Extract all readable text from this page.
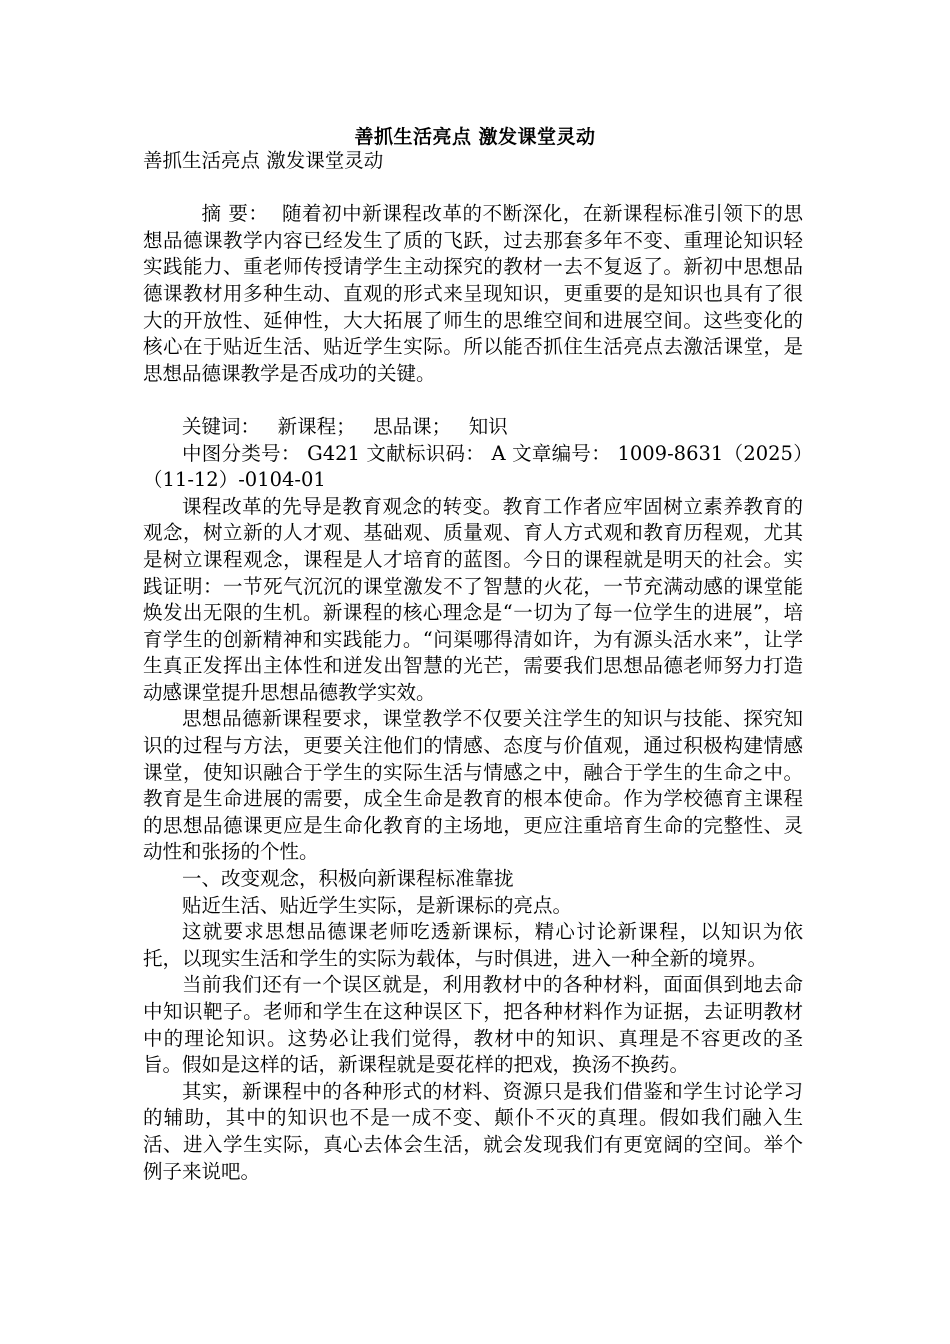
善抓生活亮点 激发课堂灵动

善抓生活亮点 激发课堂灵动

摘 要： 随着初中新课程改革的不断深化，在新课程标准引领下的思想品德课教学内容已经发生了质的飞跃，过去那套多年不变、重理论知识轻实践能力、重老师传授请学生主动探究的教材一去不复返了。新初中思想品德课教材用多种生动、直观的形式来呈现知识，更重要的是知识也具有了很大的开放性、延伸性，大大拓展了师生的思维空间和进展空间。这些变化的核心在于贴近生活、贴近学生实际。所以能否抓住生活亮点去激活课堂，是思想品德课教学是否成功的关键。

关键词： 新课程； 思品课； 知识

中图分类号： G421 文献标识码： A 文章编号： 1009-8631（2025）（11-12）-0104-01

课程改革的先导是教育观念的转变。教育工作者应牢固树立素养教育的观念，树立新的人才观、基础观、质量观、育人方式观和教育历程观，尤其是树立课程观念，课程是人才培育的蓝图。今日的课程就是明天的社会。实践证明：一节死气沉沉的课堂激发不了智慧的火花，一节充满动感的课堂能焕发出无限的生机。新课程的核心理念是“一切为了每一位学生的进展”，培育学生的创新精神和实践能力。“问渠哪得清如许，为有源头活水来”，让学生真正发挥出主体性和迸发出智慧的光芒，需要我们思想品德老师努力打造动感课堂提升思想品德教学实效。

思想品德新课程要求，课堂教学不仅要关注学生的知识与技能、探究知识的过程与方法，更要关注他们的情感、态度与价值观，通过积极构建情感课堂，使知识融合于学生的实际生活与情感之中，融合于学生的生命之中。教育是生命进展的需要，成全生命是教育的根本使命。作为学校德育主课程的思想品德课更应是生命化教育的主场地，更应注重培育生命的完整性、灵动性和张扬的个性。

一、改变观念，积极向新课程标准靠拢

贴近生活、贴近学生实际，是新课标的亮点。

这就要求思想品德课老师吃透新课标，精心讨论新课程，以知识为依托，以现实生活和学生的实际为载体，与时俱进，进入一种全新的境界。

当前我们还有一个误区就是，利用教材中的各种材料，面面俱到地去命中知识靶子。老师和学生在这种误区下，把各种材料作为证据，去证明教材中的理论知识。这势必让我们觉得，教材中的知识、真理是不容更改的圣旨。假如是这样的话，新课程就是耍花样的把戏，换汤不换药。

其实，新课程中的各种形式的材料、资源只是我们借鉴和学生讨论学习的辅助，其中的知识也不是一成不变、颠仆不灭的真理。假如我们融入生活、进入学生实际，真心去体会生活，就会发现我们有更宽阔的空间。举个例子来说吧。
